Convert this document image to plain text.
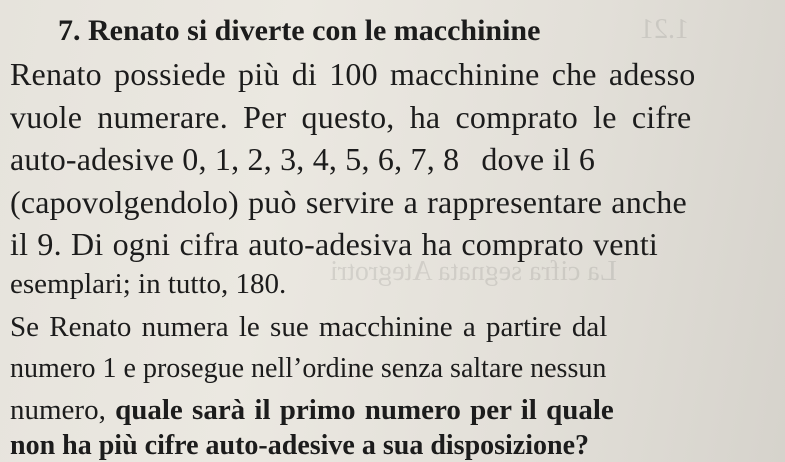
1.21
La cifra segnata Ategrotri
7. Renato si diverte con le macchinine
Renato possiede più di 100 macchinine che adesso
vuole numerare. Per questo, ha comprato le cifre
auto-adesive 0, 1, 2, 3, 4, 5, 6, 7, 8 dove il 6
(capovolgendolo) può servire a rappresentare anche
il 9. Di ogni cifra auto-adesiva ha comprato venti
esemplari; in tutto, 180.
Se Renato numera le sue macchinine a partire dal
numero 1 e prosegue nell’ordine senza saltare nessun
numero, quale sarà il primo numero per il quale
non ha più cifre auto-adesive a sua disposizione?
